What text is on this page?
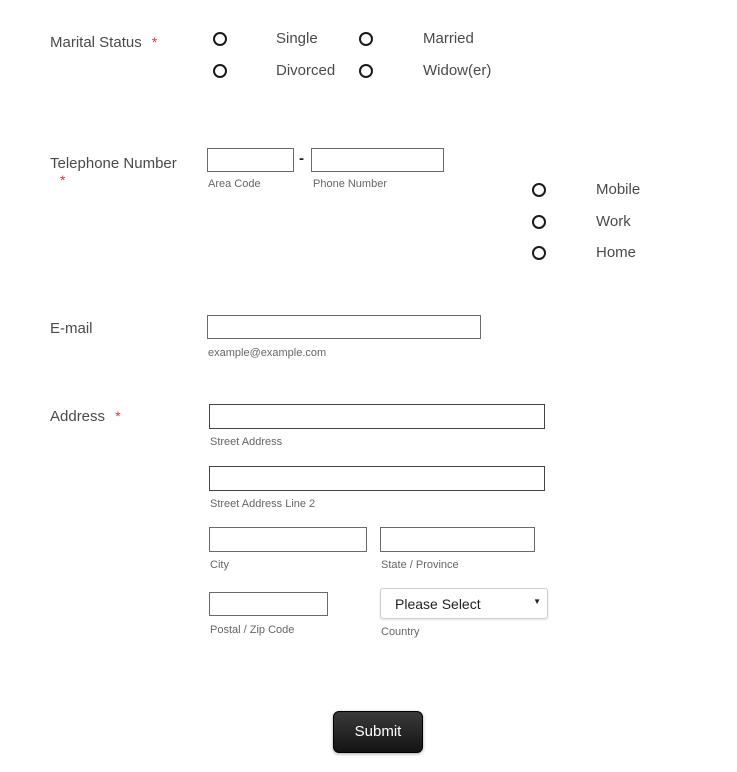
Marital Status *	Single	Married
Divorced	Widow(er)
Telephone Number
*
-
Area Code	Phone Number	Mobile
Work
Home
E-mail
example@example.com
Address *
Street Address
Street Address Line 2
City	State / Province
Postal / Zip Code
Please Select	▼
Country
Submit
